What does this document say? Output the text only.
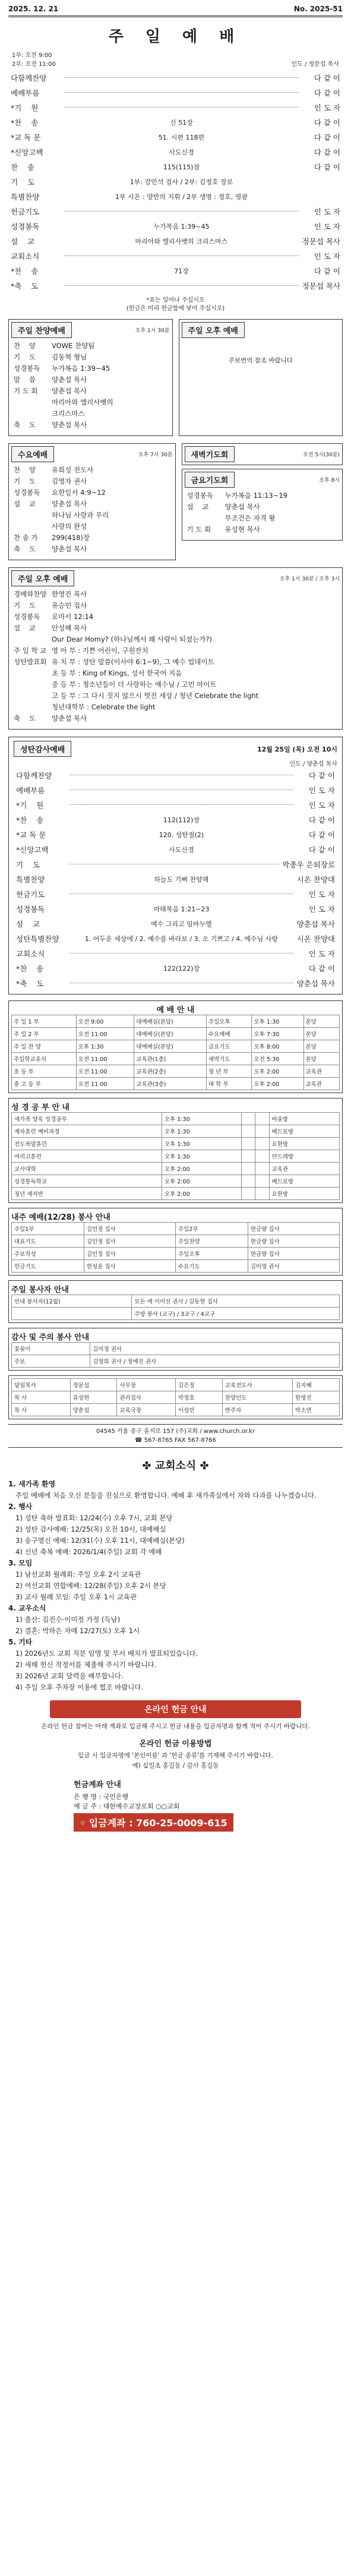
2025. 12. 21	No. 2025-51
주 일 예 배
1부: 오전 9:00
2부: 오전 11:00	인도 / 정문섭 목사
다함께찬양	다 같 이
예배부름	다 같 이
*기    원	인 도 자
*찬    송	신 51장	다 같 이
*교 독 문	51. 시편 118편	다 같 이
*신앙고백	사도신경	다 같 이
찬    송	115(115)장	다 같 이
기    도	1부: 강민석 집사 / 2부: 김정호 장로
특별찬양	1부 시온 : 양반의 지휘 / 2부 생명 : 정호, 영광
헌금기도	인 도 자
성경봉독	누가복음 1:39~45	인 도 자
설    교	마리아와 엘리사벳의 크리스마스	정문섭 목사
교회소식	인 도 자
*찬    송	71장	다 같 이
*축    도	정문섭 목사
*표는 일어나 주십시오
(헌금은 미리 헌금함에 넣어 주십시오)
주일 찬양예배	오후 1시 30분
찬    양	VOWE 찬양팀
기    도	김동혁 형님
성경봉독	누가복음 1:39~45
말    씀	양춘섭 목사
기 도 회	양춘섭 목사
마리아와 엘리사벳의
크리스마스
축    도	양춘섭 목사
주일 오후 예배
주보번역 참조 바랍니다
수요예배	오후 7시 30분
찬    양	유희성 전도사
기    도	김영자 권사
성경봉독	요한일서 4:9~12
설    교	양춘섭 목사
하나님 사랑과 우리
사랑의 완성
찬 송 가	299(418)장
축    도	양춘섭 목사
새벽기도회	오전 5시(30분)
금요기도회	오후 8시
성경봉독	누가복음 11:13~19
설    교	양춘섭 목사
무조건은 자격 왕
기 도 회	유성현 목사
주일 오후 예배	오후 1시 30분 / 오후 3시
경배와찬양 한영진 목사
기    도	유승민 집사
성경봉독	로마서 12:14
설    교	안성혜 목사
Our Dear Homy? (하나님께서 왜 사람이 되셨는가?)
주 일 학 교 영 아 부 : 기쁜 어린이, 구원잔치
성탄발표회 유 치 부 : 성탄 말씀(이사야 6:1~9), 그 예수 업데이트
초 등 부 : King of Kings, 성서 한국어 지음
중 등 부 : 청소년들이 더 사랑하는 예수님 / 고민 마이트
고 등 부 : 그 다시 짓지 않으시 멋진 세상 / 청년 Celebrate the light
청년대학부 : Celebrate the light
축    도	양춘섭 목사
성탄감사예배	12월 25일 (목) 오전 10시
인도 / 양춘섭 목사
다함께찬양	다 같 이
예배부름	인 도 자
*기    원	인 도 자
*찬    송	112(112)장	다 같 이
*교 독 문	120. 성탄절(2)	다 같 이
*신앙고백	사도신경	다 같 이
기    도	박종우 은퇴장로
특별찬양	하늘도 기뻐 찬양해	시온 찬양대
헌금기도	인 도 자
성경봉독	마태복음 1:21~23	인 도 자
설    교	예수 그리고 임마누엘	양춘섭 목사
성탄특별찬양	1. 어두운 세상에 / 2. 예수를 바라보 / 3. 오 기쁘고 / 4. 예수님 사랑	시온 찬양대
교회소식	인 도 자
*찬    송	122(122)장	다 같 이
*축    도	양춘섭 목사
예 배 안 내
주 일 1 부	오전 9:00	대예배실(본당)	주일오후	오후 1:30	본당
주 일 2 부	오전 11:00	대예배실(본당)	수요예배	오후 7:30	본당
주 일 찬 양	오후 1:30	대예배실(본당)	금요기도	오후 8:00	본당
주일학교유치	오전 11:00	교육관(1층)	새벽기도	오전 5:30	본당
초 등 부	오전 11:00	교육관(2층)	청 년 부	오후 2:00	교육관
중 고 등 부	오전 11:00	교육관(3층)	대 학 부	오후 2:00	교육관
성 경 공 부 안 내
새가족 양육 성경공부	오후 1:30			바울방
제자훈련 예비과정	오후 1:30			베드로방
전도폭발훈련	오후 1:30			요한방
여리고훈련	오후 1:30			안드레방
교사대학	오후 2:00			교육관
성경통독학교	오후 2:00			베드로방
청년 제자반	오후 2:00			요한방
내주 예배(12/28) 봉사 안내
주일1부	김민정 집사	주일2부	현금량 집사
대표기도	김민정 집사	주일찬양	현금량 집사
주보작성	김민정 집사	주일오후	현금량 집사
헌금기도	현성윤 집사	수요기도	김미영 권사
주일 봉사자 안내
안내 봉사자(12월)	모든 에 이미선 권사 / 김동현 집사
	주방 봉사 (교구) / 3교구 / 4교구
감사 및 주의 봉사 안내
꽃꽂이	김미정 권사
주보	김영희 권사 / 정예진 권사
담임목사	정문섭	사무장	김은정	교육전도사	김지혜
목 사	유성현	관리집사	박정호	찬양인도	한영진
목 사	양춘섭	교육국장	이성민	반주자	박소연
04545 서울 중구 을지로 157 (주)교회 / www.church.or.kr
☎ 567-8765 FAX 567-8766
✤ 교회소식 ✤
1. 새가족 환영
주일 예배에 처음 오신 분들을 진심으로 환영합니다. 예배 후 새가족실에서 차와 다과를 나누겠습니다.
2. 행사
1) 성탄 축하 발표회: 12/24(수) 오후 7시, 교회 본당
2) 성탄 감사예배: 12/25(목) 오전 10시, 대예배실
3) 송구영신 예배: 12/31(수) 오후 11시, 대예배실(본당)
4) 신년 축복 예배: 2026/1/4(주일) 교회 각 예배
3. 모임
1) 남선교회 월례회: 주일 오후 2시 교육관
2) 여선교회 연합예배: 12/28(주일) 오후 2시 본당
3) 교사 월례 모임: 주일 오후 1시 교육관
4. 교우소식
1) 출산: 김진수·이미정 가정 (득남)
2) 결혼: 박하은 자매 12/27(토) 오후 1시
5. 기타
1) 2026년도 교회 직분 임명 및 부서 배치가 발표되었습니다.
2) 새해 헌신 작정서를 제출해 주시기 바랍니다.
3) 2026년 교회 달력을 배부합니다.
4) 주일 오후 주차장 이용에 협조 바랍니다.
온라인 헌금 안내
온라인 헌금 참여는 아래 계좌로 입금해 주시고 헌금 내용을 입금자명과 함께 적어 주시기 바랍니다.
온라인 헌금 이용방법
입금 시 입금자명에 '본인이름' 과 '헌금 종류'를 기재해 주시기 바랍니다.
예) 십일조 홍길동 / 감사 홍길동
헌금계좌 안내
은 행 명 : 국민은행
예 금 주 : 대한예수교장로회 ○○교회
◦ 입금계좌 : 760-25-0009-615
